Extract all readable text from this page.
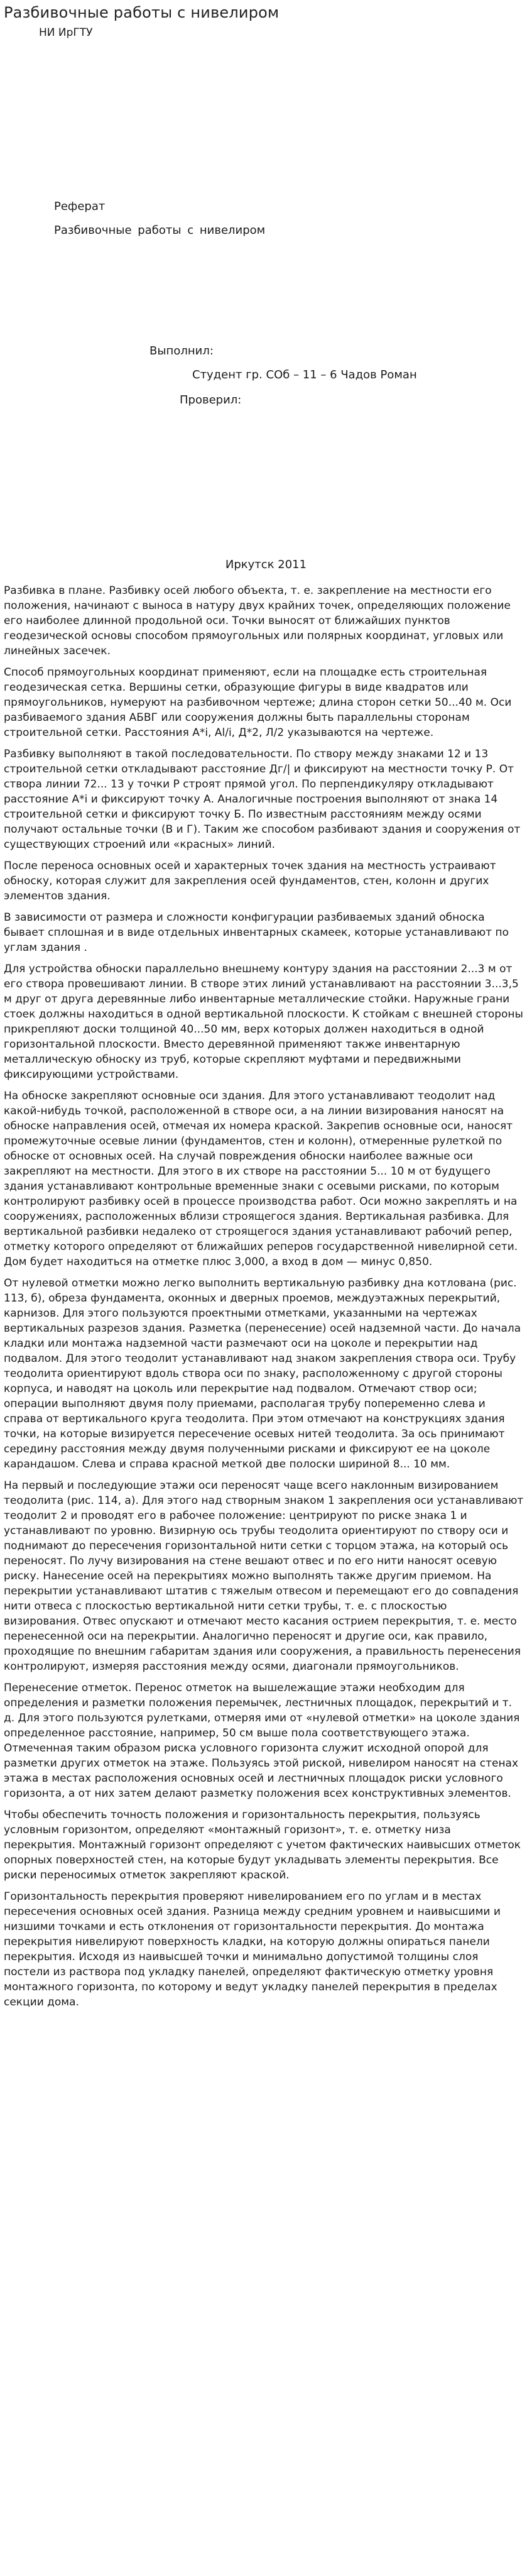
Разбивочные работы с нивелиром
НИ ИрГТУ
Реферат
Разбивочные работы с нивелиром
Выполнил:
Студент гр. СОб – 11 – 6 Чадов Роман
Проверил:
Иркутск 2011

Разбивка в плане. Разбивку осей любого объекта, т. е. закрепление на местности его положения, начинают с выноса в натуру двух крайних точек, определяющих положение его наиболее длинной продольной оси. Точки выносят от ближайших пунктов геодезической основы способом прямоугольных или полярных координат, угловых или линейных засечек.

Способ прямоугольных координат применяют, если на площадке есть строительная геодезическая сетка. Вершины сетки, образующие фигуры в виде квадратов или прямоугольников, нумеруют на разбивочном чертеже; длина сторон сетки 50...40 м. Оси разбиваемого здания АБВГ или сооружения должны быть параллельны сторонам строительной сетки. Расстояния А*i, Al/i, Д*2, Л/2 указываются на чертеже.

Разбивку выполняют в такой последовательности. По створу между знаками 12 и 13 строительной сетки откладывают расстояние Дг/| и фиксируют на местности точку Р. От створа линии 72... 13 у точки Р строят прямой угол. По перпендикуляру откладывают расстояние А*i и фиксируют точку А. Аналогичные построения выполняют от знака 14 строительной сетки и фиксируют точку Б. По известным расстояниям между осями получают остальные точки (В и Г). Таким же способом разбивают здания и сооружения от существующих строений или «красных» линий.

После переноса основных осей и характерных точек здания на местность устраивают обноску, которая служит для закрепления осей фундаментов, стен, колонн и других элементов здания.

В зависимости от размера и сложности конфигурации разбиваемых зданий обноска бывает сплошная и в виде отдельных инвентарных скамеек, которые устанавливают по углам здания .

Для устройства обноски параллельно внешнему контуру здания на расстоянии 2...3 м от его створа провешивают линии. В створе этих линий устанавливают на расстоянии 3...3,5 м друг от друга деревянные либо инвентарные металлические стойки. Наружные грани стоек должны находиться в одной вертикальной плоскости. К стойкам с внешней стороны прикрепляют доски толщиной 40...50 мм, верх которых должен находиться в одной горизонтальной плоскости. Вместо деревянной применяют также инвентарную металлическую обноску из труб, которые скрепляют муфтами и передвижными фиксирующими устройствами.

На обноске закрепляют основные оси здания. Для этого устанавливают теодолит над какой-нибудь точкой, расположенной в створе оси, а на линии визирования наносят на обноске направления осей, отмечая их номера краской. Закрепив основные оси, наносят промежуточные осевые линии (фундаментов, стен и колонн), отмеренные рулеткой по обноске от основных осей. На случай повреждения обноски наиболее важные оси закрепляют на местности. Для этого в их створе на расстоянии 5... 10 м от будущего здания устанавливают контрольные временные знаки с осевыми рисками, по которым контролируют разбивку осей в процессе производства работ. Оси можно закреплять и на сооружениях, расположенных вблизи строящегося здания. Вертикальная разбивка. Для вертикальной разбивки недалеко от строящегося здания устанавливают рабочий репер, отметку которого определяют от ближайших реперов государственной нивелирной сети. Дом будет находиться на отметке плюс 3,000, а вход в дом — минус 0,850.

От нулевой отметки можно легко выполнить вертикальную разбивку дна котлована (рис. 113, б), обреза фундамента, оконных и дверных проемов, междуэтажных перекрытий, карнизов. Для этого пользуются проектными отметками, указанными на чертежах вертикальных разрезов здания. Разметка (перенесение) осей надземной части. До начала кладки или монтажа надземной части размечают оси на цоколе и перекрытии над подвалом. Для этого теодолит устанавливают над знаком закрепления створа оси. Трубу теодолита ориентируют вдоль створа оси по знаку, расположенному с другой стороны корпуса, и наводят на цоколь или перекрытие над подвалом. Отмечают створ оси; операции выполняют двумя полу приемами, располагая трубу попеременно слева и справа от вертикального круга теодолита. При этом отмечают на конструкциях здания точки, на которые визируется пересечение осевых нитей теодолита. За ось принимают середину расстояния между двумя полученными рисками и фиксируют ее на цоколе карандашом. Слева и справа красной меткой две полоски шириной 8... 10 мм.

На первый и последующие этажи оси переносят чаще всего наклонным визированием теодолита (рис. 114, а). Для этого над створным знаком 1 закрепления оси устанавливают теодолит 2 и проводят его в рабочее положение: центрируют по риске знака 1 и устанавливают по уровню. Визирную ось трубы теодолита ориентируют по створу оси и поднимают до пересечения горизонтальной нити сетки с торцом этажа, на который ось переносят. По лучу визирования на стене вешают отвес и по его нити наносят осевую риску. Нанесение осей на перекрытиях можно выполнять также другим приемом. На перекрытии устанавливают штатив с тяжелым отвесом и перемещают его до совпадения нити отвеса с плоскостью вертикальной нити сетки трубы, т. е. с плоскостью визирования. Отвес опускают и отмечают место касания острием перекрытия, т. е. место перенесенной оси на перекрытии. Аналогично переносят и другие оси, как правило, проходящие по внешним габаритам здания или сооружения, а правильность перенесения контролируют, измеряя расстояния между осями, диагонали прямоугольников.

Перенесение отметок. Перенос отметок на вышележащие этажи необходим для определения и разметки положения перемычек, лестничных площадок, перекрытий и т. д. Для этого пользуются рулетками, отмеряя ими от «нулевой отметки» на цоколе здания определенное расстояние, например, 50 см выше пола соответствующего этажа. Отмеченная таким образом риска условного горизонта служит исходной опорой для разметки других отметок на этаже. Пользуясь этой риской, нивелиром наносят на стенах этажа в местах расположения основных осей и лестничных площадок риски условного горизонта, а от них затем делают разметку положения всех конструктивных элементов.

Чтобы обеспечить точность положения и горизонтальность перекрытия, пользуясь условным горизонтом, определяют «монтажный горизонт», т. е. отметку низа перекрытия. Монтажный горизонт определяют с учетом фактических наивысших отметок опорных поверхностей стен, на которые будут укладывать элементы перекрытия. Все риски переносимых отметок закрепляют краской.

Горизонтальность перекрытия проверяют нивелированием его по углам и в местах пересечения основных осей здания. Разница между средним уровнем и наивысшими и низшими точками и есть отклонения от горизонтальности перекрытия. До монтажа перекрытия нивелируют поверхность кладки, на которую должны опираться панели перекрытия. Исходя из наивысшей точки и минимально допустимой толщины слоя постели из раствора под укладку панелей, определяют фактическую отметку уровня монтажного горизонта, по которому и ведут укладку панелей перекрытия в пределах секции дома.
